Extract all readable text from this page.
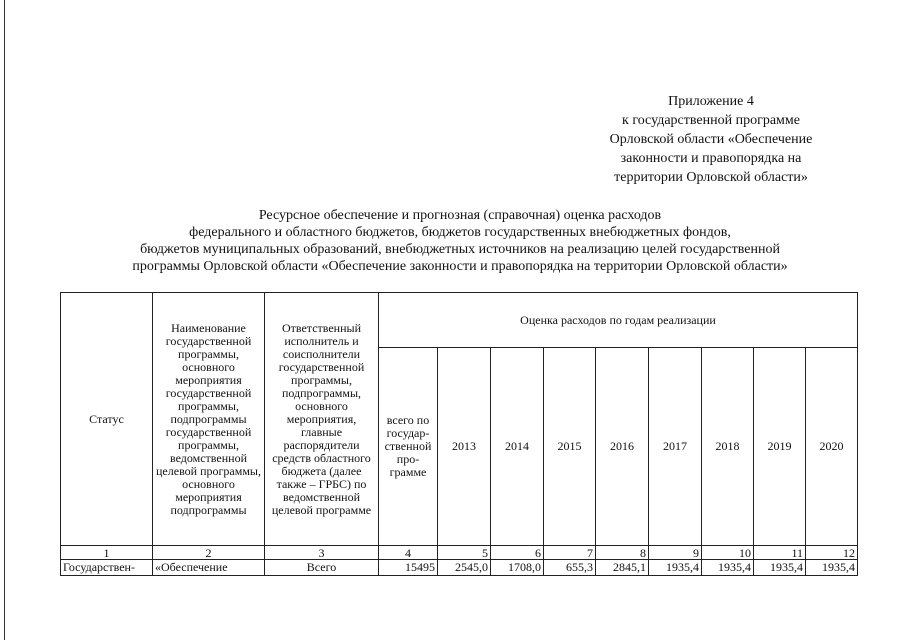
Приложение 4
к государственной программе
Орловской области «Обеспечение
законности и правопорядка на
территории Орловской области»
Ресурсное обеспечение и прогнозная (справочная) оценка расходов
федерального и областного бюджетов, бюджетов государственных внебюджетных фондов,
бюджетов муниципальных образований, внебюджетных источников на реализацию целей государственной
программы Орловской области «Обеспечение законности и правопорядка на территории Орловской области»
Статус	Наименование государственной программы, основного мероприятия государственной программы, подпрограммы государственной программы, ведомственной целевой программы, основного мероприятия подпрограммы	Ответственный исполнитель и соисполнители государственной программы, подпрограммы, основного мероприятия, главные распорядители средств областного бюджета (далее также – ГРБС) по ведомственной целевой программе	Оценка расходов по годам реализации								
			всего по государ-ственной про-грамме	2013	2014	2015	2016	2017	2018	2019	2020
1	2	3	4	5	6	7	8	9	10	11	12
Государствен-	«Обеспечение	Всего	15495	2545,0	1708,0	655,3	2845,1	1935,4	1935,4	1935,4	1935,4
